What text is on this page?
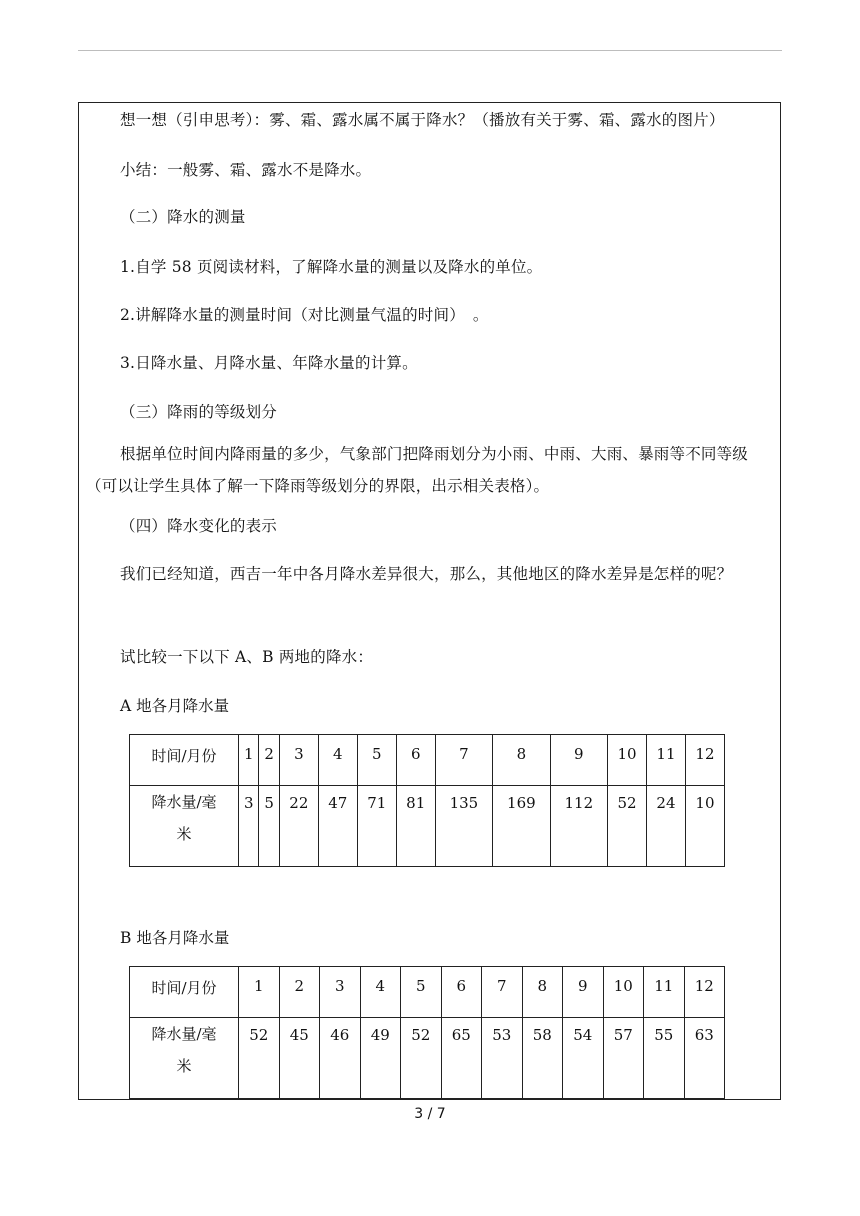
想一想（引申思考）：雾、霜、露水属不属于降水？（播放有关于雾、霜、露水的图片）
小结：一般雾、霜、露水不是降水。
（二）降水的测量
1.自学 58 页阅读材料，了解降水量的测量以及降水的单位。
2.讲解降水量的测量时间（对比测量气温的时间）　。
3.日降水量、月降水量、年降水量的计算。
（三）降雨的等级划分
根据单位时间内降雨量的多少，气象部门把降雨划分为小雨、中雨、大雨、暴雨等不同等级（可以让学生具体了解一下降雨等级划分的界限，出示相关表格）。
（四）降水变化的表示
我们已经知道，西吉一年中各月降水差异很大，那么，其他地区的降水差异是怎样的呢？
试比较一下以下 A、B 两地的降水：
A 地各月降水量
时间/月份	1	2	3	4	5	6	7	8	9	10	11	12

降水量/毫
米	3	5	22	47	71	81	135	169	112	52	24	10
B 地各月降水量
时间/月份	1	2	3	4	5	6	7	8	9	10	11	12

降水量/毫
米	52	45	46	49	52	65	53	58	54	57	55	63
3 / 7
